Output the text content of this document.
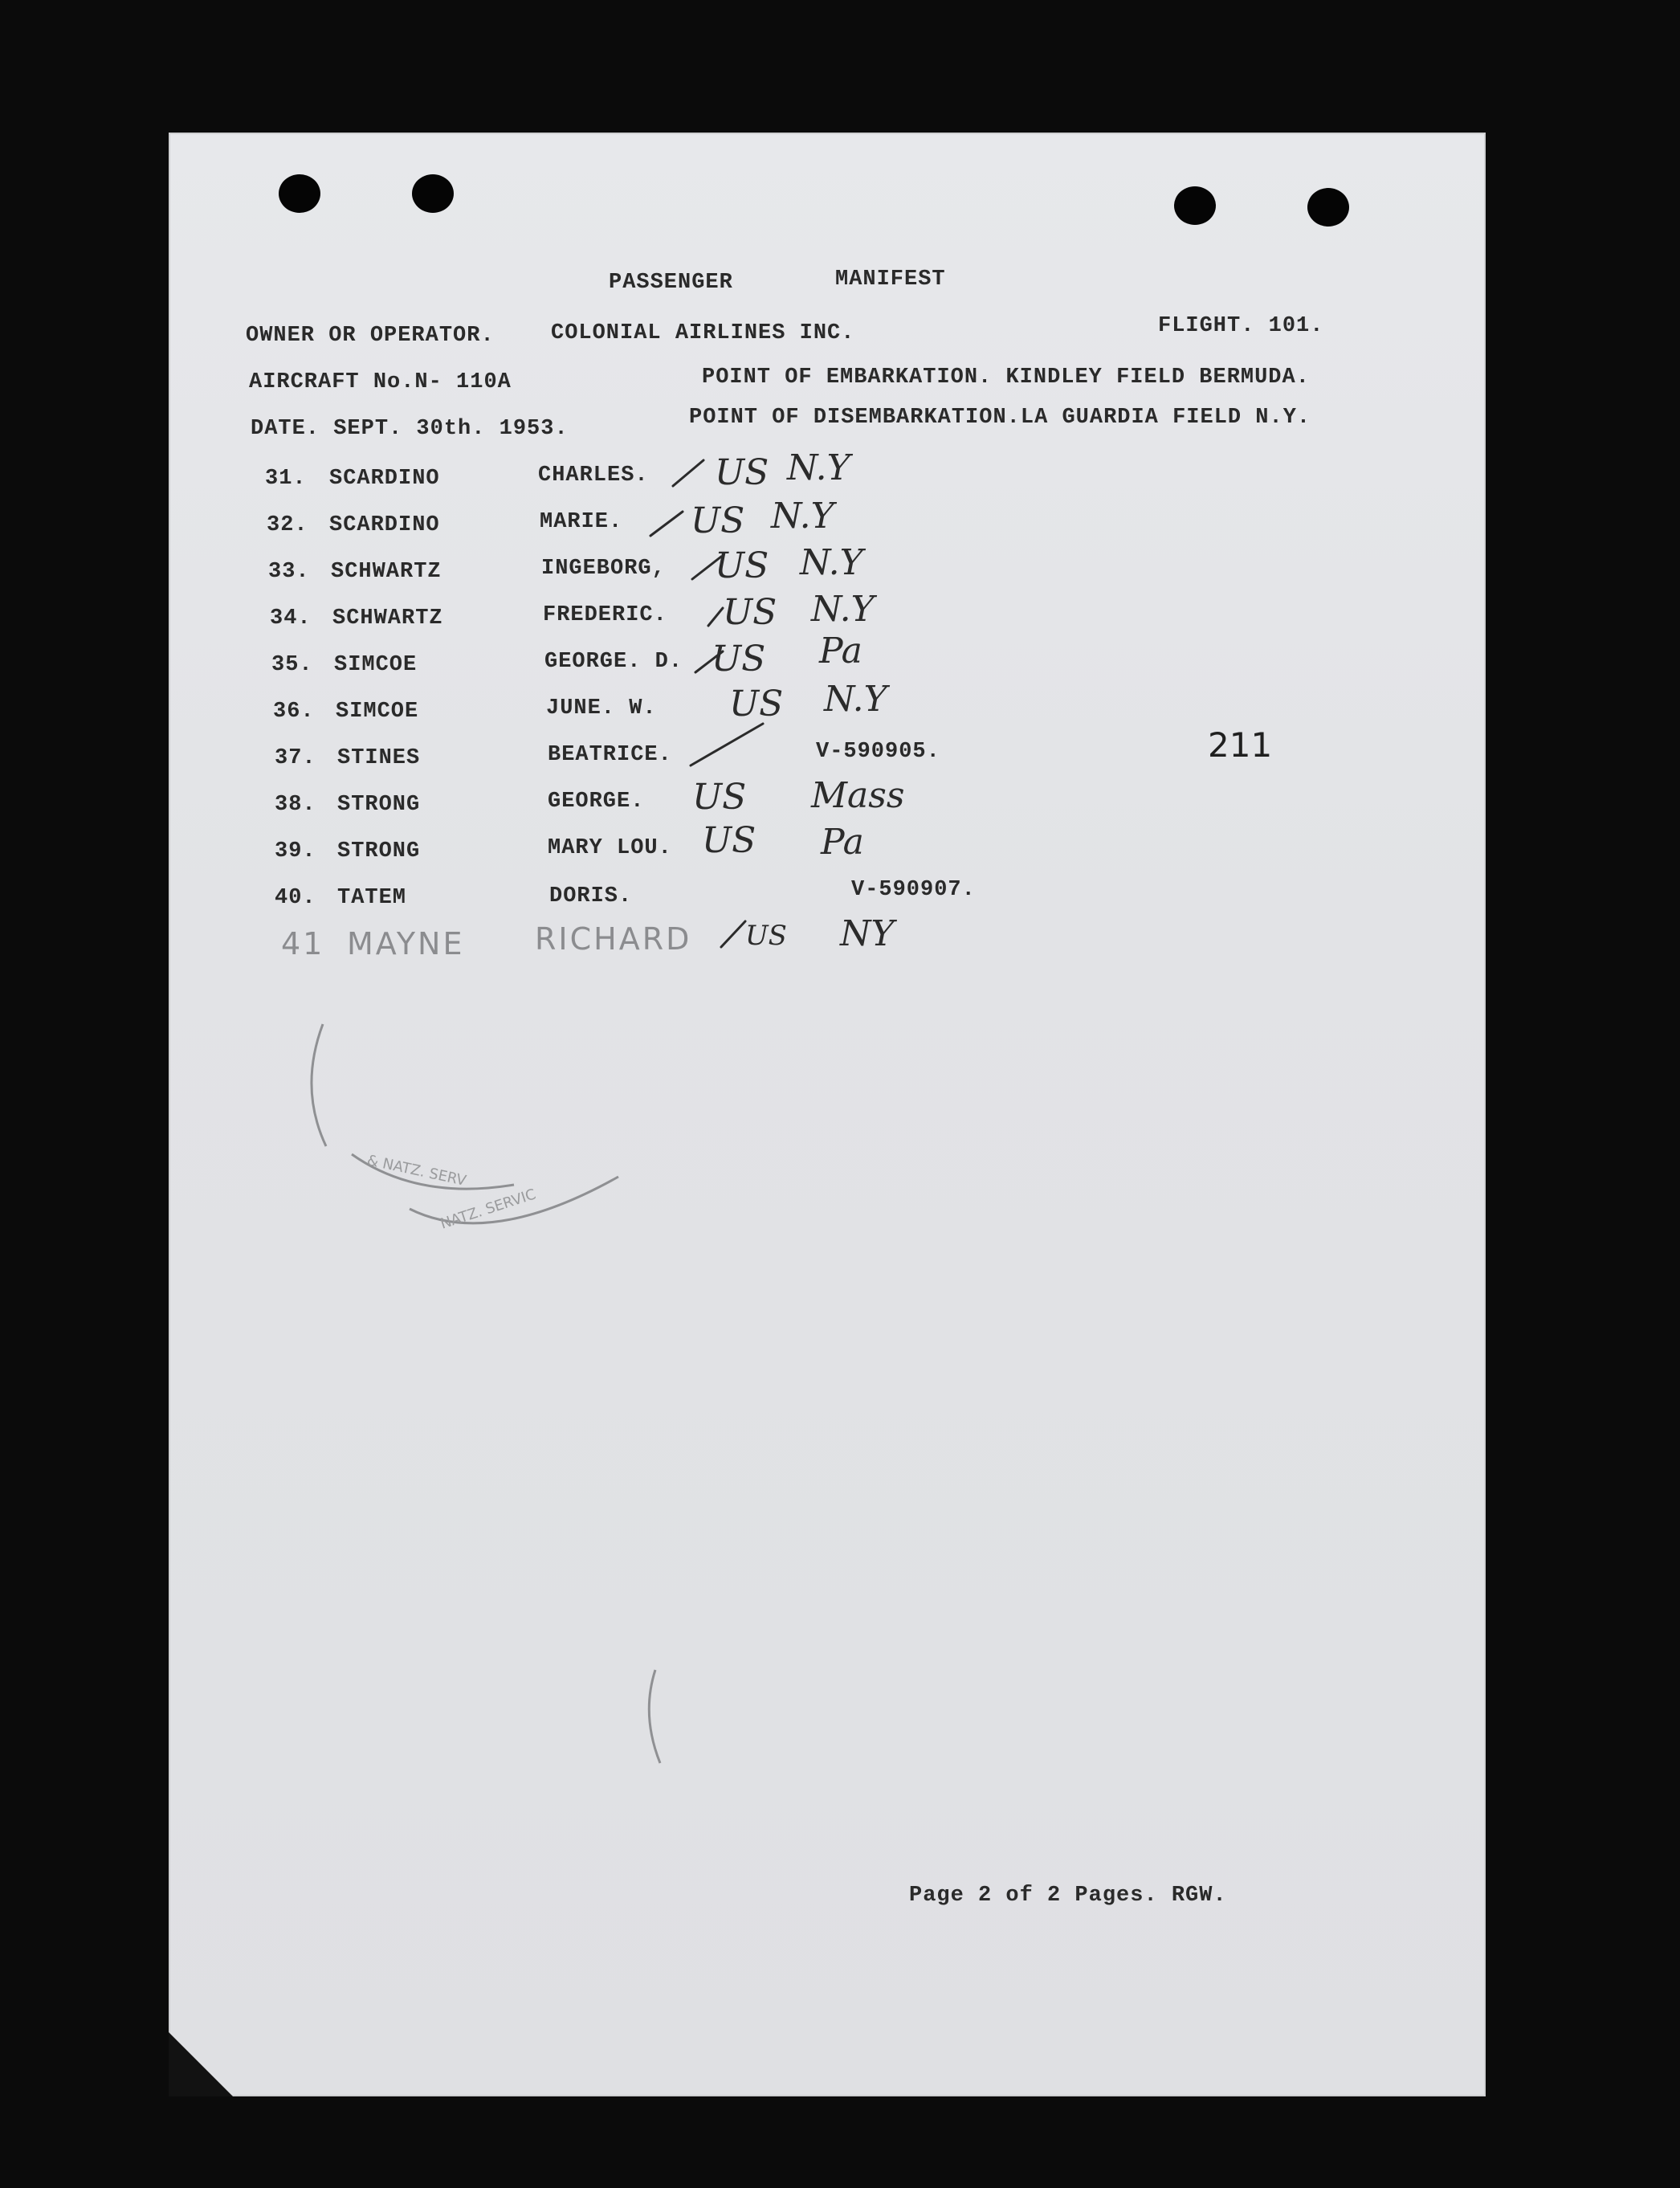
PASSENGER	MANIFEST
OWNER OR OPERATOR.	COLONIAL AIRLINES INC.	FLIGHT. 101.
AIRCRAFT No.N- 110A	POINT OF EMBARKATION. KINDLEY FIELD BERMUDA.
DATE. SEPT. 30th. 1953.	POINT OF DISEMBARKATION.LA GUARDIA FIELD N.Y.
31. SCARDINO	CHARLES. US N.Y
32. SCARDINO	MARIE. US N.Y
33. SCHWARTZ	INGEBORG, US N.Y
34. SCHWARTZ	FREDERIC. US N.Y
35. SIMCOE	GEORGE. D. US Pa
36. SIMCOE	JUNE. W. US N.Y
37. STINES	BEATRICE.	V-590905.
38. STRONG	GEORGE. US Mass
39. STRONG	MARY LOU. US Pa
40. TATEM	DORIS.	V-590907.
41 MAYNE RICHARD US NY
211
& NATZ. SERV
NATZ. SERVIC
Page 2 of 2 Pages. RGW.
